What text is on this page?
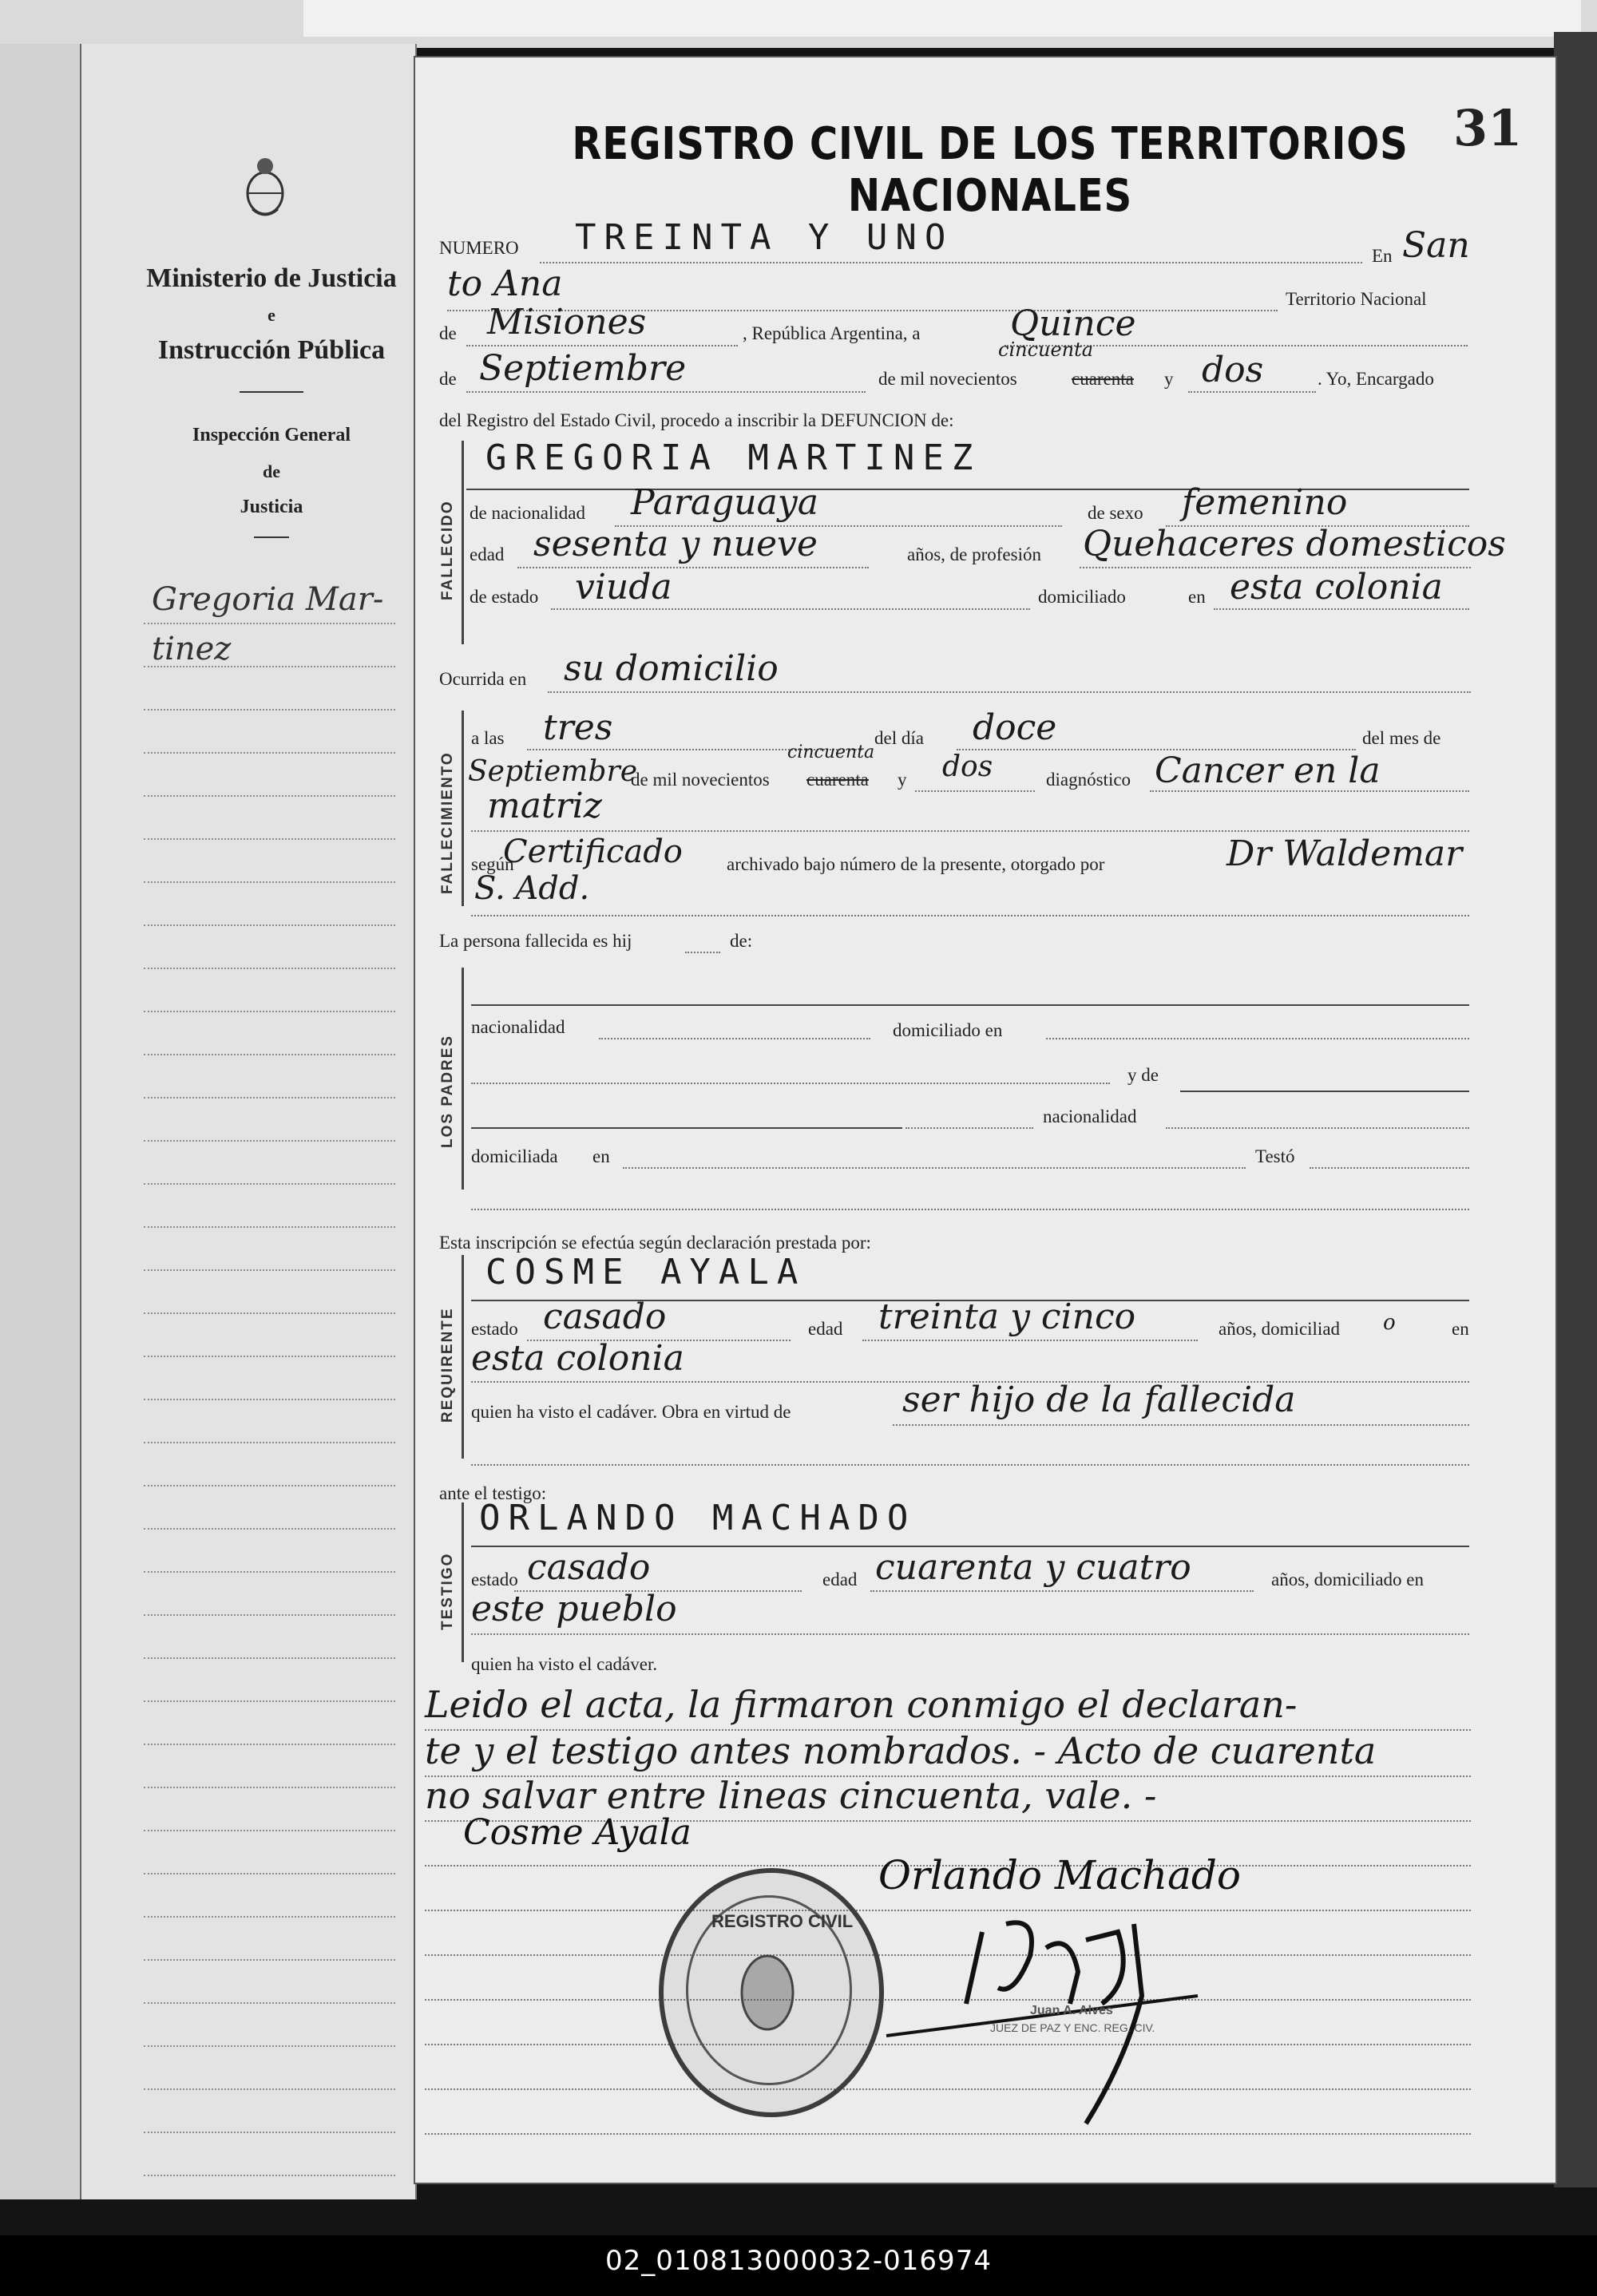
Ministerio de Justicia
e
Instrucción Pública
Inspección General
de
Justicia
Gregoria Mar-
tinez
REGISTRO CIVIL DE LOS TERRITORIOS NACIONALES
31
NUMERO TREINTA Y UNO	En San
to Ana	Territorio Nacional
de Misiones	, República Argentina, a	Quince
de Septiembre	de mil novecientos	cuarenta
cincuenta
y dos	. Yo, Encargado
del Registro del Estado Civil, procedo a inscribir la DEFUNCION de:
FALLECIDO
GREGORIA MARTINEZ
de nacionalidad Paraguaya	de sexo femenino
edad sesenta y nueve	años, de profesión Quehaceres domesticos
de estado viuda	domiciliado	en esta colonia
Ocurrida en su domicilio
FALLECIMIENTO
a las tres	del día doce	del mes de
Septiembre
de mil novecientos cuarenta
cincuenta
y dos	diagnóstico Cancer en la
matriz
según
Certificado archivado bajo número de la presente, otorgado por	Dr Waldemar
S. Add.
La persona fallecida es hij	de:
LOS PADRES
nacionalidad	domiciliado en
y de
nacionalidad
domiciliada en	Testó
Esta inscripción se efectúa según declaración prestada por:
REQUIRENTE
COSME AYALA
estado casado	edad treinta y cinco	años, domiciliad o	en
esta colonia
quien ha visto el cadáver. Obra en virtud de	ser hijo de la fallecida
ante el testigo:
TESTIGO
ORLANDO MACHADO
estado casado	edad cuarenta y cuatro	años, domiciliado en
este pueblo
quien ha visto el cadáver.
Leido el acta, la firmaron conmigo el declaran-
te y el testigo antes nombrados. - Acto de cuarenta
no salvar entre lineas cincuenta, vale. -
Cosme Ayala
Orlando Machado
Juan A. Alves
JUEZ DE PAZ Y ENC. REG. CIV.
REGISTRO CIVIL
02_010813000032-016974
